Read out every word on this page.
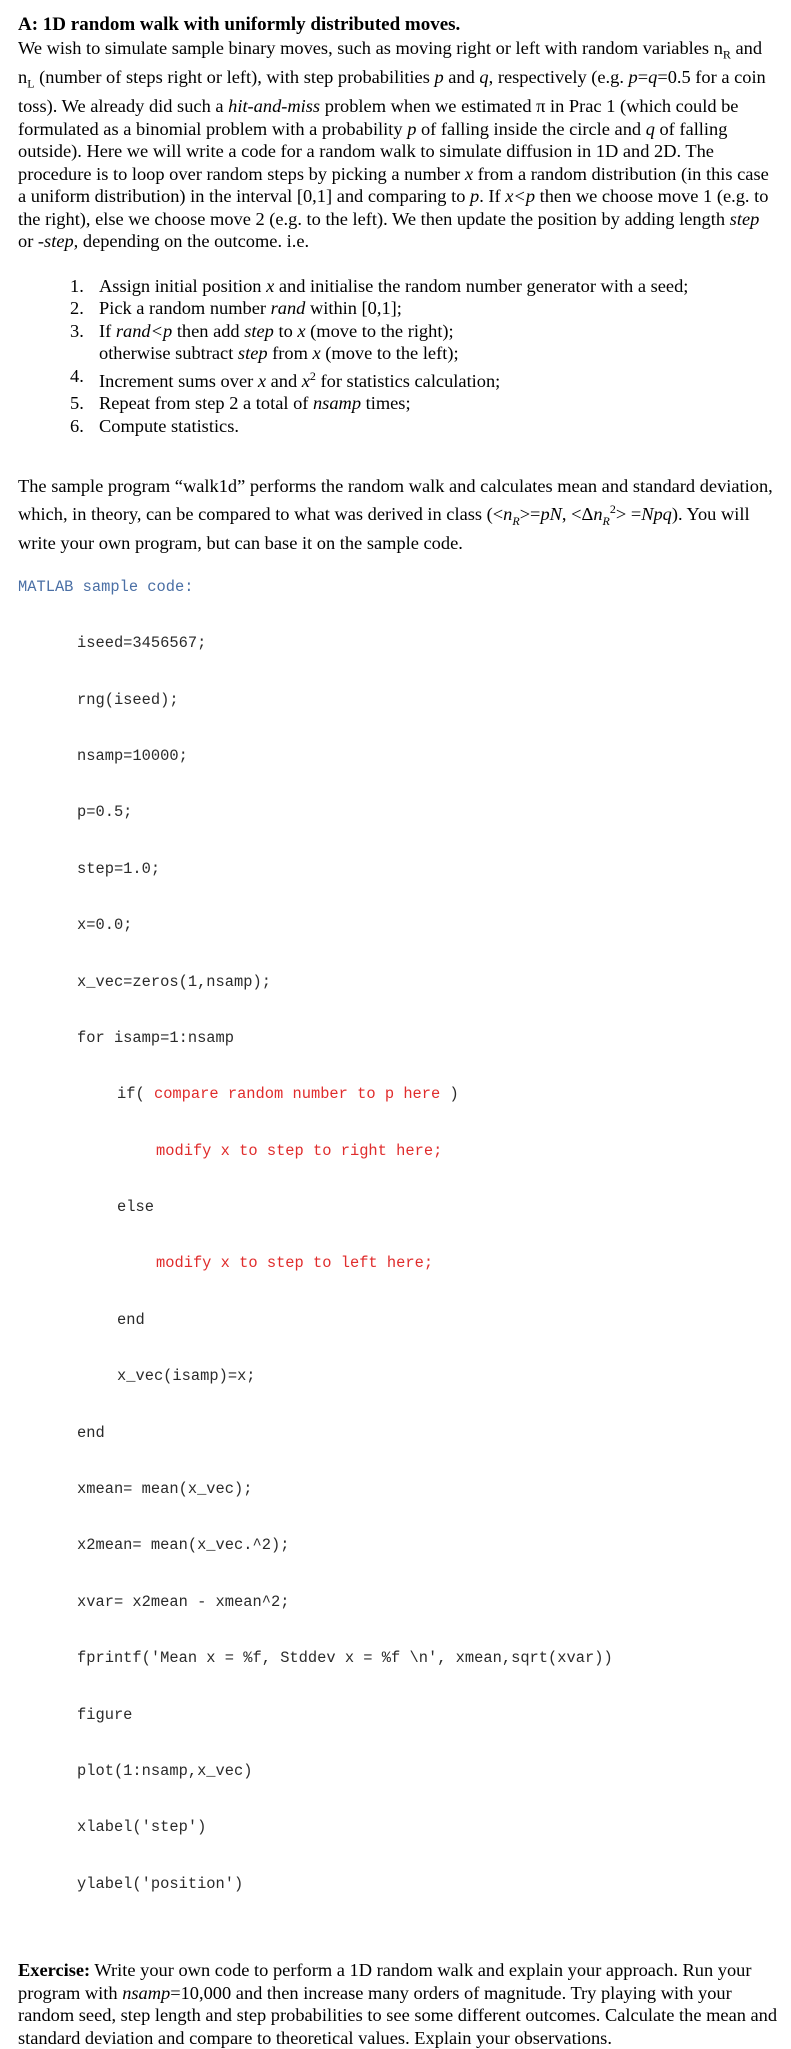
A: 1D random walk with uniformly distributed moves.

We wish to simulate sample binary moves, such as moving right or left with random variables $n_R$ and $n_L$ (number of steps right or left), with step probabilities p and q, respectively (e.g. p=q=0.5 for a coin toss). We already did such a hit-and-miss problem when we estimated π in Prac 1 (which could be formulated as a binomial problem with a probability p of falling inside the circle and q of falling outside). Here we will write a code for a random walk to simulate diffusion in 1D and 2D. The procedure is to loop over random steps by picking a number x from a random distribution (in this case a uniform distribution) in the interval [0,1] and comparing to p. If x<p then we choose move 1 (e.g. to the right), else we choose move 2 (e.g. to the left). We then update the position by adding length step or -step, depending on the outcome. i.e.

1. Assign initial position x and initialise the random number generator with a seed;
2. Pick a random number rand within [0,1];
3. If rand<p then add step to x (move to the right);
otherwise subtract step from x (move to the left);
4. Increment sums over x and $x^2$ for statistics calculation;
5. Repeat from step 2 a total of nsamp times;
6. Compute statistics.

The sample program “walk1d” performs the random walk and calculates mean and standard deviation, which, in theory, can be compared to what was derived in class ($<n_R>=pN$, $<\Delta n_R^2> =Npq$). You will write your own program, but can base it on the sample code.

MATLAB sample code:

iseed=3456567;

rng(iseed);

nsamp=10000;

p=0.5;

step=1.0;

x=0.0;

x_vec=zeros(1,nsamp);

for isamp=1:nsamp

if( compare random number to p here )

modify x to step to right here;

else

modify x to step to left here;

end

x_vec(isamp)=x;

end

xmean= mean(x_vec);

x2mean= mean(x_vec.^2);

xvar= x2mean - xmean^2;

fprintf('Mean x = %f, Stddev x = %f \n', xmean,sqrt(xvar))

figure

plot(1:nsamp,x_vec)

xlabel('step')

ylabel('position')

Exercise: Write your own code to perform a 1D random walk and explain your approach. Run your program with nsamp=10,000 and then increase many orders of magnitude. Try playing with your random seed, step length and step probabilities to see some different outcomes. Calculate the mean and standard deviation and compare to theoretical values. Explain your observations.
